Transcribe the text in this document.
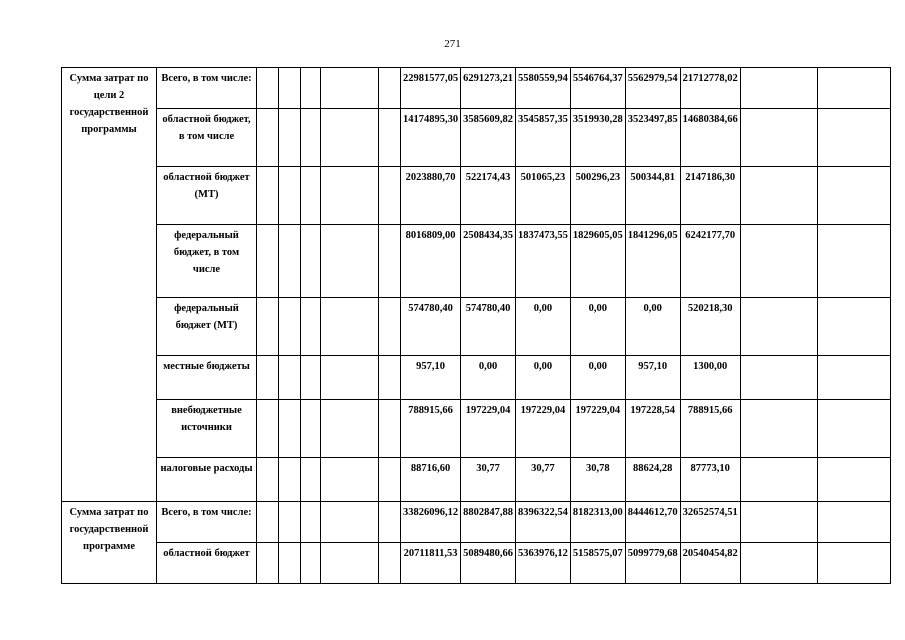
271
Сумма затрат по цели 2 государственной программы	Всего, в том числе:						22981577,05	6291273,21	5580559,94	5546764,37	5562979,54	21712778,02		
	областной бюджет, в том числе						14174895,30	3585609,82	3545857,35	3519930,28	3523497,85	14680384,66		
	областной бюджет (МТ)						2023880,70	522174,43	501065,23	500296,23	500344,81	2147186,30		
	федеральный бюджет, в том числе						8016809,00	2508434,35	1837473,55	1829605,05	1841296,05	6242177,70		
	федеральный бюджет (МТ)						574780,40	574780,40	0,00	0,00	0,00	520218,30		
	местные бюджеты						957,10	0,00	0,00	0,00	957,10	1300,00		
	внебюджетные источники						788915,66	197229,04	197229,04	197229,04	197228,54	788915,66		
	налоговые расходы						88716,60	30,77	30,77	30,78	88624,28	87773,10		
Сумма затрат по государственной программе	Всего, в том числе:						33826096,12	8802847,88	8396322,54	8182313,00	8444612,70	32652574,51		
	областной бюджет						20711811,53	5089480,66	5363976,12	5158575,07	5099779,68	20540454,82		
